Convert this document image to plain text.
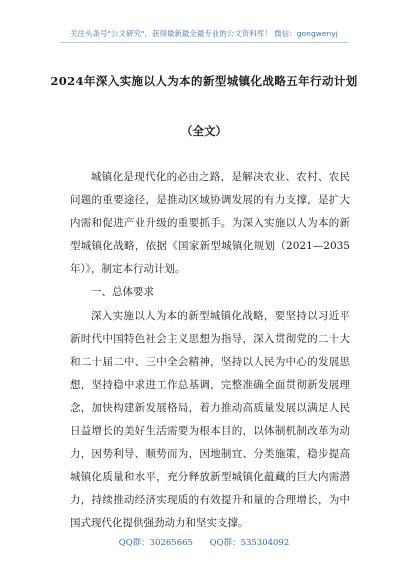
关注头条号"公文研究"，获得最新最全最专业的公文资料库！ 微信：gongwenyj
2024年深入实施以人为本的新型城镇化战略五年行动计划
（全文）

城镇化是现代化的必由之路，是解决农业、农村、农民问题的重要途径，是推动区域协调发展的有力支撑，是扩大内需和促进产业升级的重要抓手。为深入实施以人为本的新型城镇化战略，依据《国家新型城镇化规划（2021—2035年）》，制定本行动计划。

一、总体要求

深入实施以人为本的新型城镇化战略，要坚持以习近平新时代中国特色社会主义思想为指导，深入贯彻党的二十大和二十届二中、三中全会精神，坚持以人民为中心的发展思想，坚持稳中求进工作总基调，完整准确全面贯彻新发展理念，加快构建新发展格局，着力推动高质量发展以满足人民日益增长的美好生活需要为根本目的，以体制机制改革为动力，因势利导、顺势而为，因地制宜、分类施策，稳步提高城镇化质量和水平，充分释放新型城镇化蕴藏的巨大内需潜力，持续推动经济实现质的有效提升和量的合理增长，为中国式现代化提供强劲动力和坚实支撑。

QQ群：30265665 QQ群：535304092
